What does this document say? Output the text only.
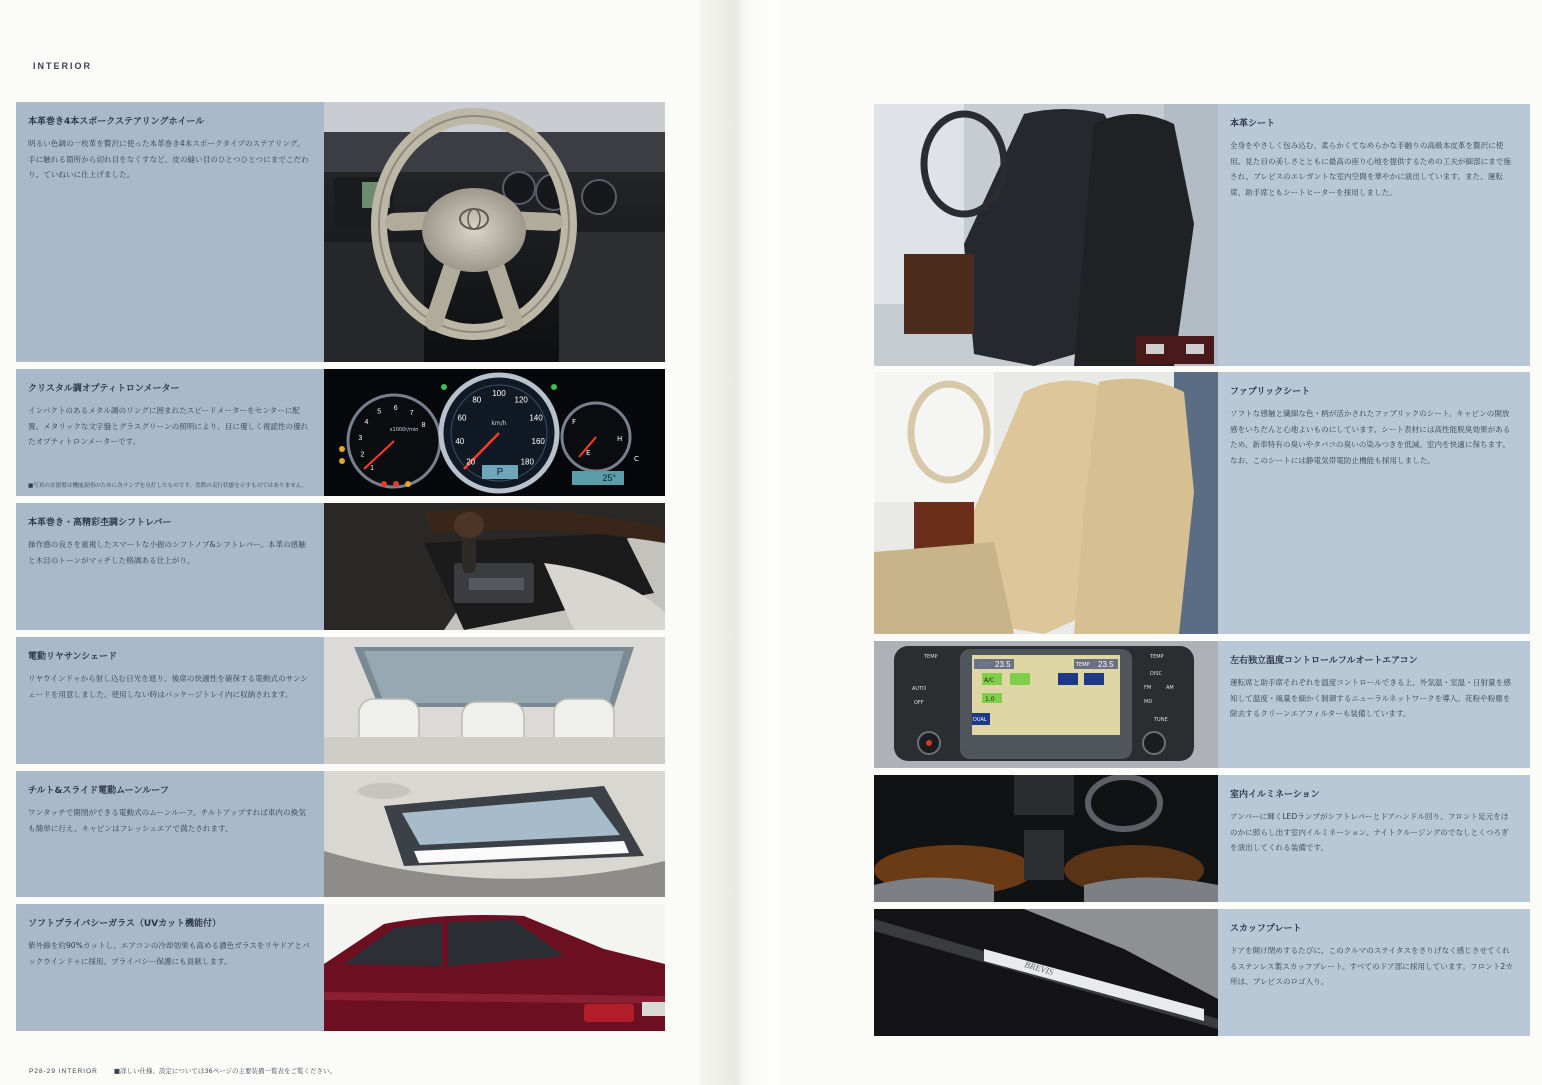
INTERIOR
本革巻き4本スポークステアリングホイール
明るい色調の一枚革を贅沢に使った本革巻き4本スポークタイプのステアリング。手に触れる箇所から切れ目をなくすなど、皮の縫い目のひとつひとつにまでこだわり、ていねいに仕上げました。
クリスタル調オプティトロンメーター
インパクトのあるメタル調のリングに囲まれたスピードメーターをセンターに配置。メタリックな文字盤とグラスグリーンの照明により、目に優しく視認性の優れたオプティトロンメーターです。
■写真の計器盤は機能説明のために各ランプを点灯したものです。実際の走行状態を示すものではありません。
P	25°
x1000r/min
km/h	F
E
H
C
20
40
60
80
100
120
140
160
180
1
2
3
4
5 6
7
8
本革巻き・高精彩杢調シフトレバー
操作感の良さを重視したスマートな小振のシフトノブ&シフトレバー。本革の感触と木目のトーンがマッチした格調ある仕上がり。
電動リヤサンシェード
リヤウインドゥから射し込む日光を遮り、後席の快適性を確保する電動式のサンシェードを用意しました。使用しない時はパッケージトレイ内に収納されます。
チルト&スライド電動ムーンルーフ
ワンタッチで開閉ができる電動式のムーンルーフ。チルトアップすれば車内の換気も簡単に行え、キャビンはフレッシュエアで満たされます。
ソフトプライバシーガラス（UVカット機能付）
紫外線を約90%カットし、エアコンの冷却効果も高める濃色ガラスをリヤドアとバックウインドゥに採用。プライバシー保護にも貢献します。
本革シート
全身をやさしく包み込む、柔らかくてなめらかな手触りの高級本皮革を贅沢に使用。見た目の美しさとともに最高の座り心地を提供するための工夫が細部にまで施され、ブレビスのエレガントな室内空間を華やかに演出しています。また、運転席、助手席ともシートヒーターを採用しました。
ファブリックシート
ソフトな感触と繊細な色・柄が活かされたファブリックのシート。キャビンの開放感をいちだんと心地よいものにしています。シート表材には高性能脱臭効果があるため、新車特有の臭いやタバコの臭いの染みつきを低減。室内を快適に保ちます。なお、このシートには静電気帯電防止機能も採用しました。
23.5	TEMP 23.5
A/C
1.0
DUAL
TEMP
AUTO
OFF
TEMP
DISC
FM	AM
MD
TUNE
左右独立温度コントロールフルオートエアコン
運転席と助手席それぞれを温度コントロールできる上、外気温・室温・日射量を感知して温度・風量を細かく制御するニューラルネットワークを導入。花粉や粉塵を除去するクリーンエアフィルターも装備しています。
室内イルミネーション
アンバーに輝くLEDランプがシフトレバーとドアハンドル回り、フロント足元をほのかに照らし出す室内イルミネーション。ナイトクルージングのでなしとくつろぎを演出してくれる装備です。
BREVIS
スカッフプレート
ドアを開け閉めするたびに、このクルマのステイタスをさりげなく感じさせてくれるステンレス製スカッフプレート。すべてのドア部に採用しています。フロント2カ所は、ブレビスのロゴ入り。
P28-29 INTERIOR ■詳しい仕様、設定については36ページの主要装備一覧表をご覧ください。
